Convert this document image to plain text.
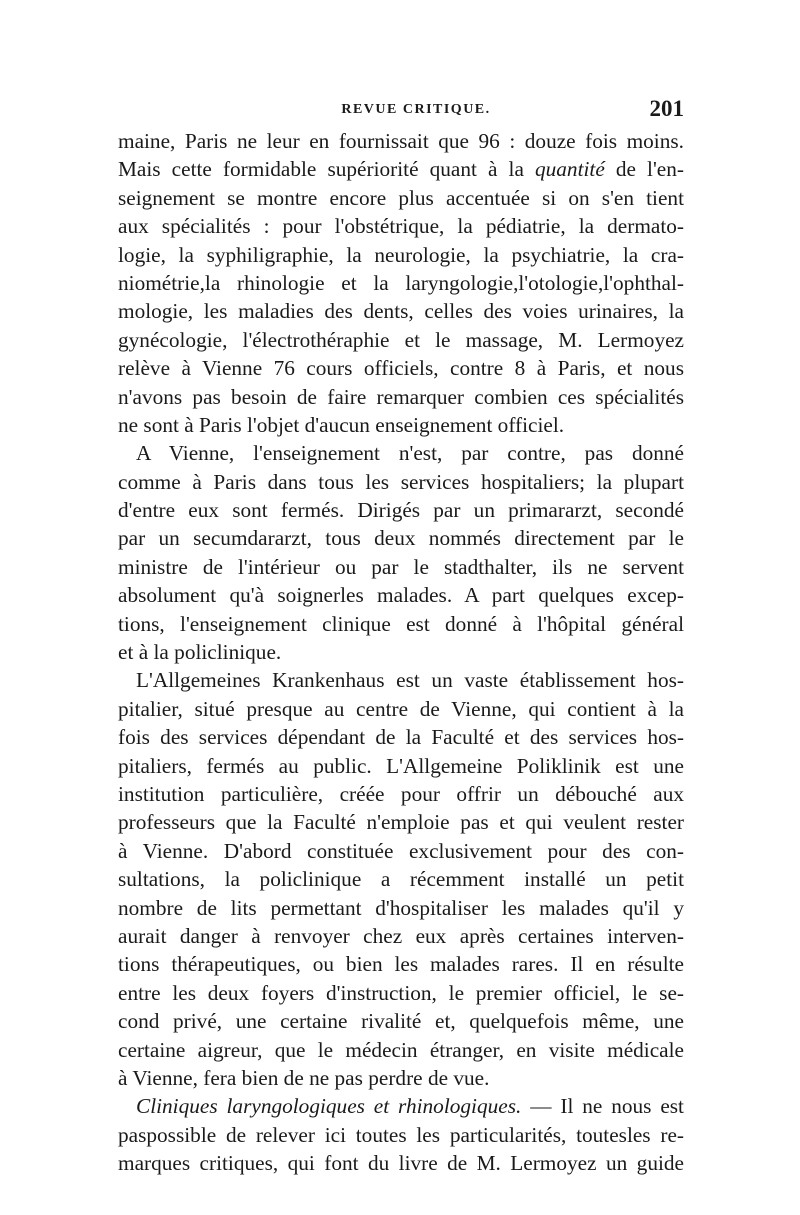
REVUE CRITIQUE.	201
maine, Paris ne leur en fournissait que 96 : douze fois moins.
Mais cette formidable supériorité quant à la quantité de l'en-
seignement se montre encore plus accentuée si on s'en tient
aux spécialités : pour l'obstétrique, la pédiatrie, la dermato-
logie, la syphiligraphie, la neurologie, la psychiatrie, la cra-
niométrie,la rhinologie et la laryngologie,l'otologie,l'ophthal-
mologie, les maladies des dents, celles des voies urinaires, la
gynécologie, l'électrothéraphie et le massage, M. Lermoyez
relève à Vienne 76 cours officiels, contre 8 à Paris, et nous
n'avons pas besoin de faire remarquer combien ces spécialités
ne sont à Paris l'objet d'aucun enseignement officiel.
A Vienne, l'enseignement n'est, par contre, pas donné
comme à Paris dans tous les services hospitaliers; la plupart
d'entre eux sont fermés. Dirigés par un primararzt, secondé
par un secumdararzt, tous deux nommés directement par le
ministre de l'intérieur ou par le stadthalter, ils ne servent
absolument qu'à soignerles malades. A part quelques excep-
tions, l'enseignement clinique est donné à l'hôpital général
et à la policlinique.
L'Allgemeines Krankenhaus est un vaste établissement hos-
pitalier, situé presque au centre de Vienne, qui contient à la
fois des services dépendant de la Faculté et des services hos-
pitaliers, fermés au public. L'Allgemeine Poliklinik est une
institution particulière, créée pour offrir un débouché aux
professeurs que la Faculté n'emploie pas et qui veulent rester
à Vienne. D'abord constituée exclusivement pour des con-
sultations, la policlinique a récemment installé un petit
nombre de lits permettant d'hospitaliser les malades qu'il y
aurait danger à renvoyer chez eux après certaines interven-
tions thérapeutiques, ou bien les malades rares. Il en résulte
entre les deux foyers d'instruction, le premier officiel, le se-
cond privé, une certaine rivalité et, quelquefois même, une
certaine aigreur, que le médecin étranger, en visite médicale
à Vienne, fera bien de ne pas perdre de vue.
Cliniques laryngologiques et rhinologiques. — Il ne nous est
paspossible de relever ici toutes les particularités, toutesles re-
marques critiques, qui font du livre de M. Lermoyez un guide
